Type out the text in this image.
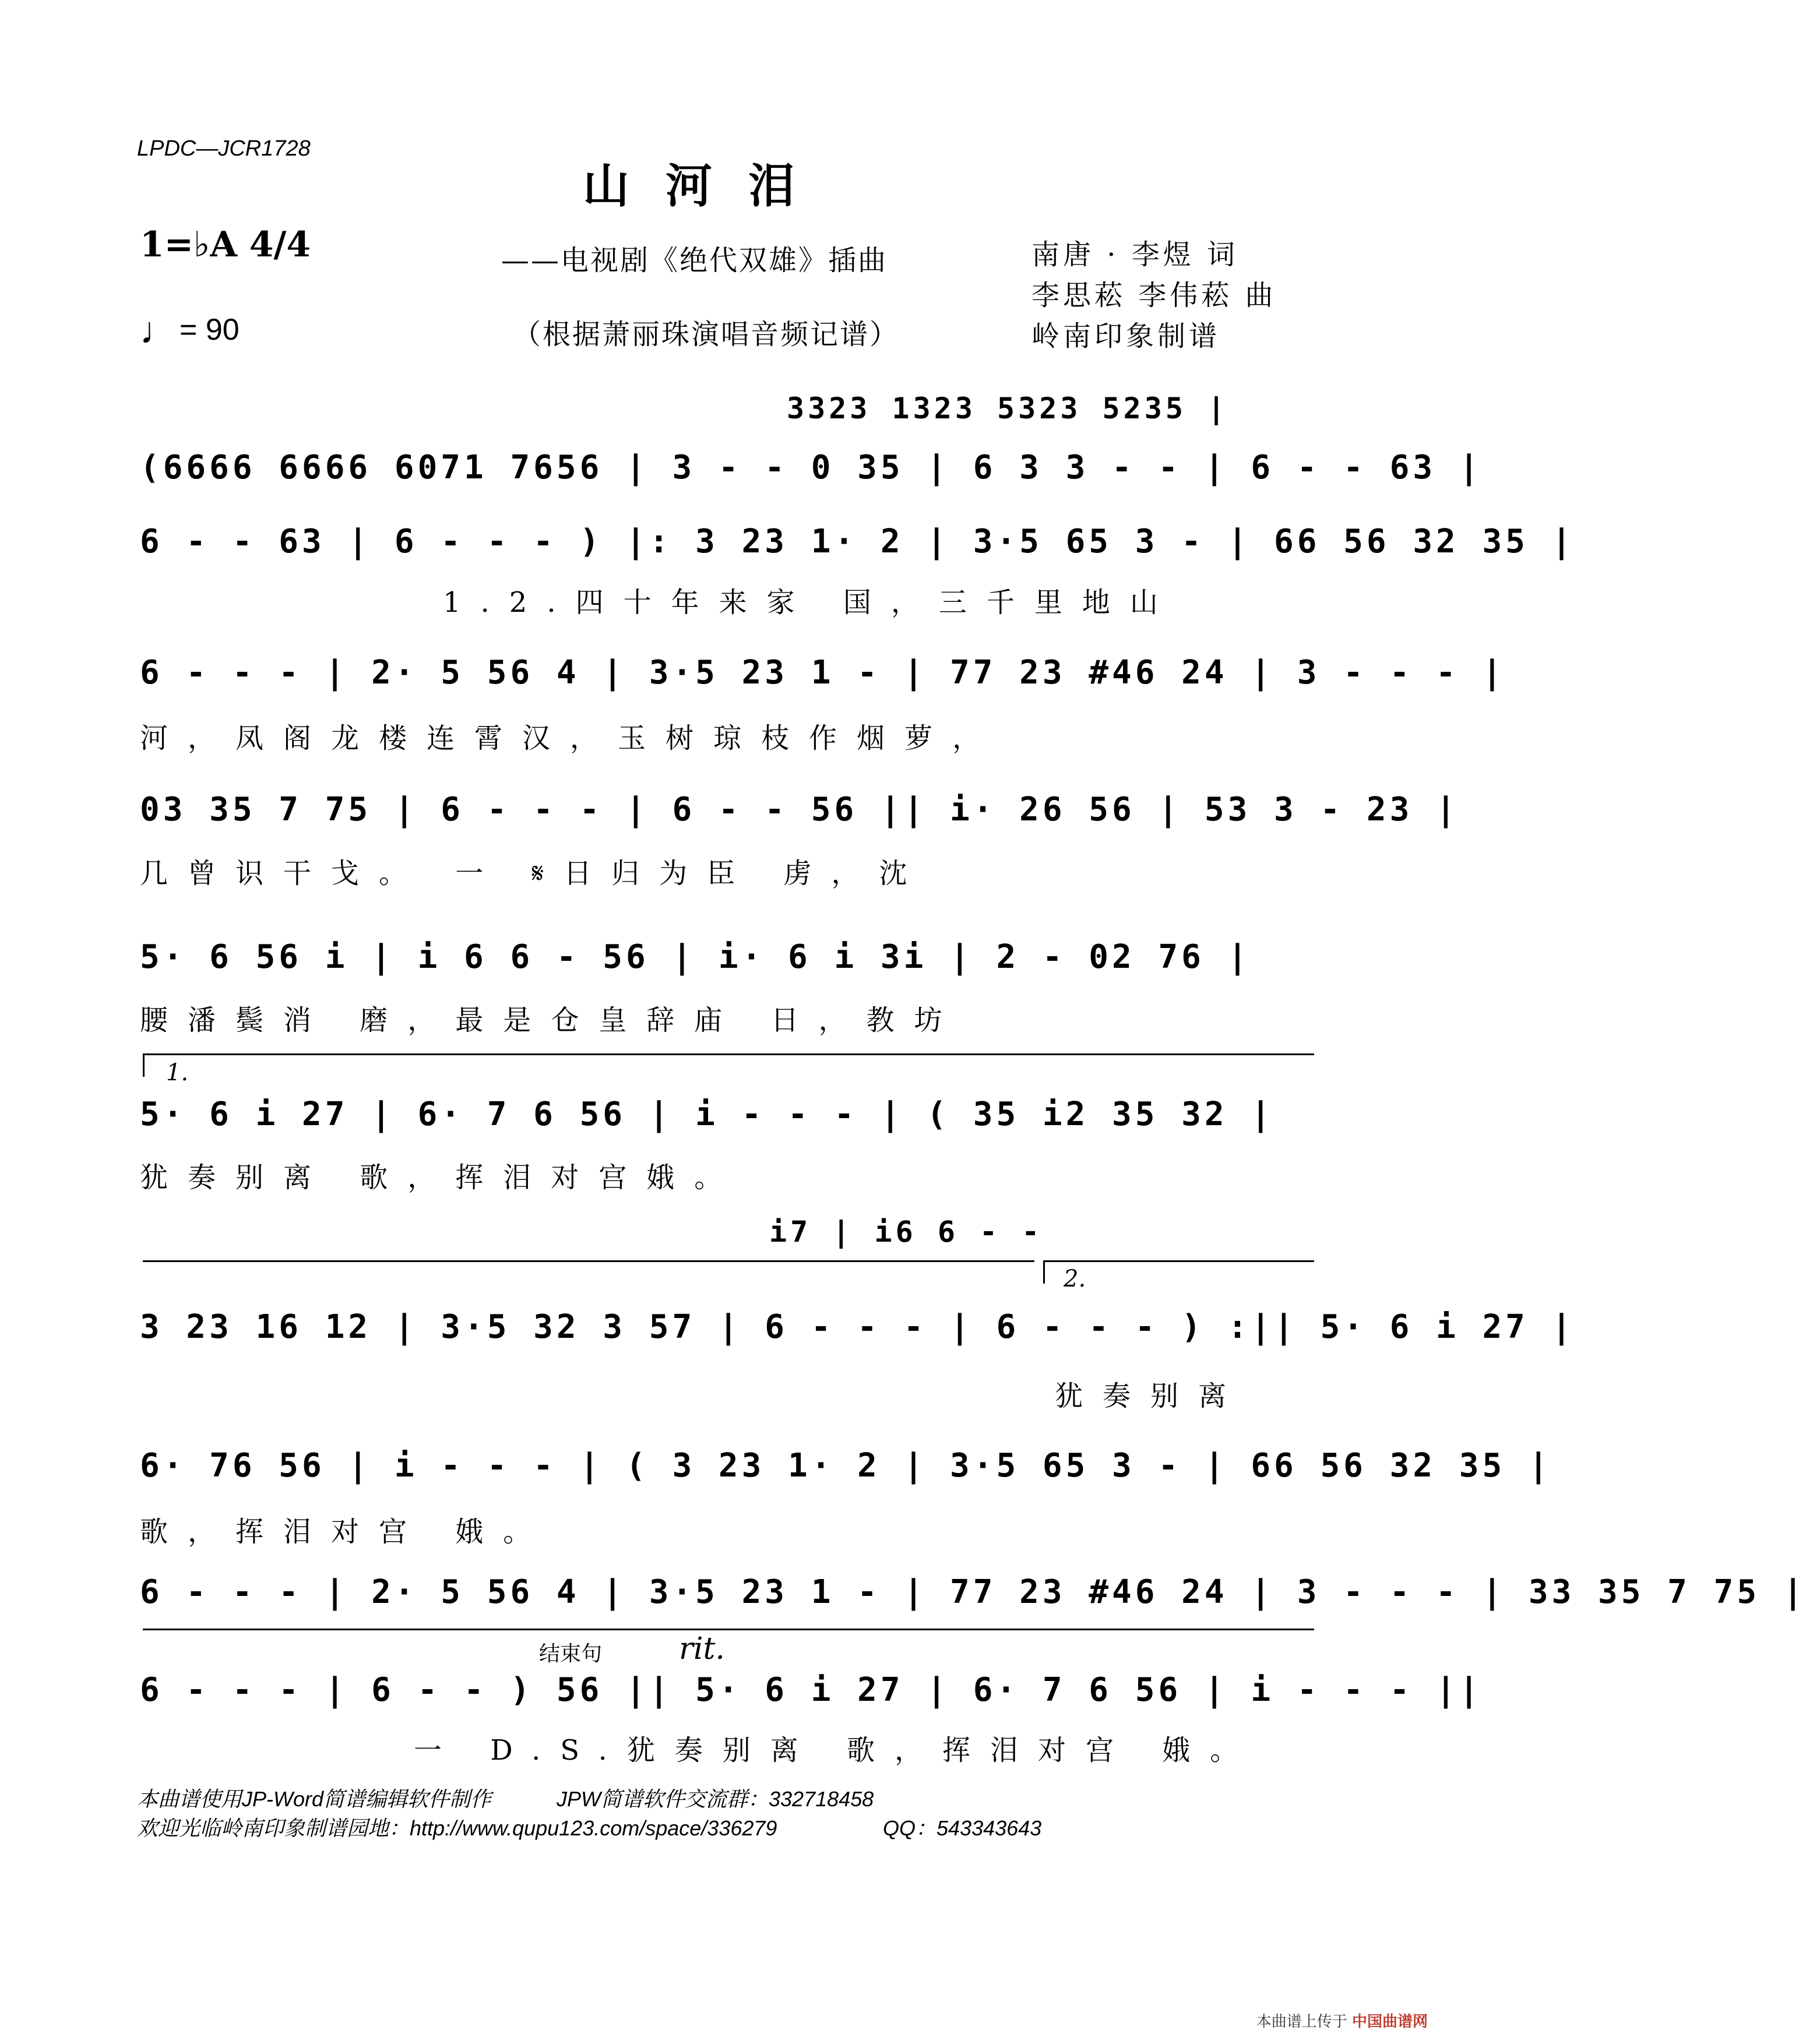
LPDC—JCR1728
山河泪
1=♭A 4/4
♩= 90
——电视剧《绝代双雄》插曲
（根据萧丽珠演唱音频记谱）
南唐 · 李煜 词
李思菘 李伟菘 曲
岭南印象制谱
3323 1323 5323 5235 |
(6666 6666 6071 7656 | 3 - - 0 35 | 6 3 3 - - | 6 - - 63 |
6 - - 63 | 6 - - - ) |: 3 23 1· 2 | 3·5 65 3 - | 66 56 32 35 |
1.2.四十年来家 国，三千里地山
6 - - - | 2· 5 56 4 | 3·5 23 1 - | 77 23 #46 24 | 3 - - - |
河，凤阁龙楼连霄汉，玉树琼枝作烟萝，
03 35 7 75 | 6 - - - | 6 - - 56 || i· 26 56 | 53 3 - 23 |
几曾识干戈。 一 𝄋日归为臣 虏，沈
5· 6 56 i | i 6 6 - 56 | i· 6 i 3i | 2 - 02 76 |
腰潘鬓消 磨，最是仓皇辞庙 日，教坊
1.
5· 6 i 27 | 6· 7 6 56 | i - - - | ( 35 i2 35 32 |
犹奏别离 歌，挥泪对宫娥。
i7 | i6 6 - -
2.
3 23 16 12 | 3·5 32 3 57 | 6 - - - | 6 - - - ) :|| 5· 6 i 27 |
犹奏别离
6· 76 56 | i - - - | ( 3 23 1· 2 | 3·5 65 3 - | 66 56 32 35 |
歌，挥泪对宫 娥。
6 - - - | 2· 5 56 4 | 3·5 23 1 - | 77 23 #46 24 | 3 - - - | 33 35 7 75 |
结束句	rit.
6 - - - | 6 - - ) 56 || 5· 6 i 27 | 6· 7 6 56 | i - - - ||
一 D.S.犹奏别离 歌，挥泪对宫 娥。
本曲谱使用JP-Word简谱编辑软件制作	JPW简谱软件交流群：332718458
欢迎光临岭南印象制谱园地：http://www.qupu123.com/space/336279	QQ：543343643
本曲谱上传于 中国曲谱网
